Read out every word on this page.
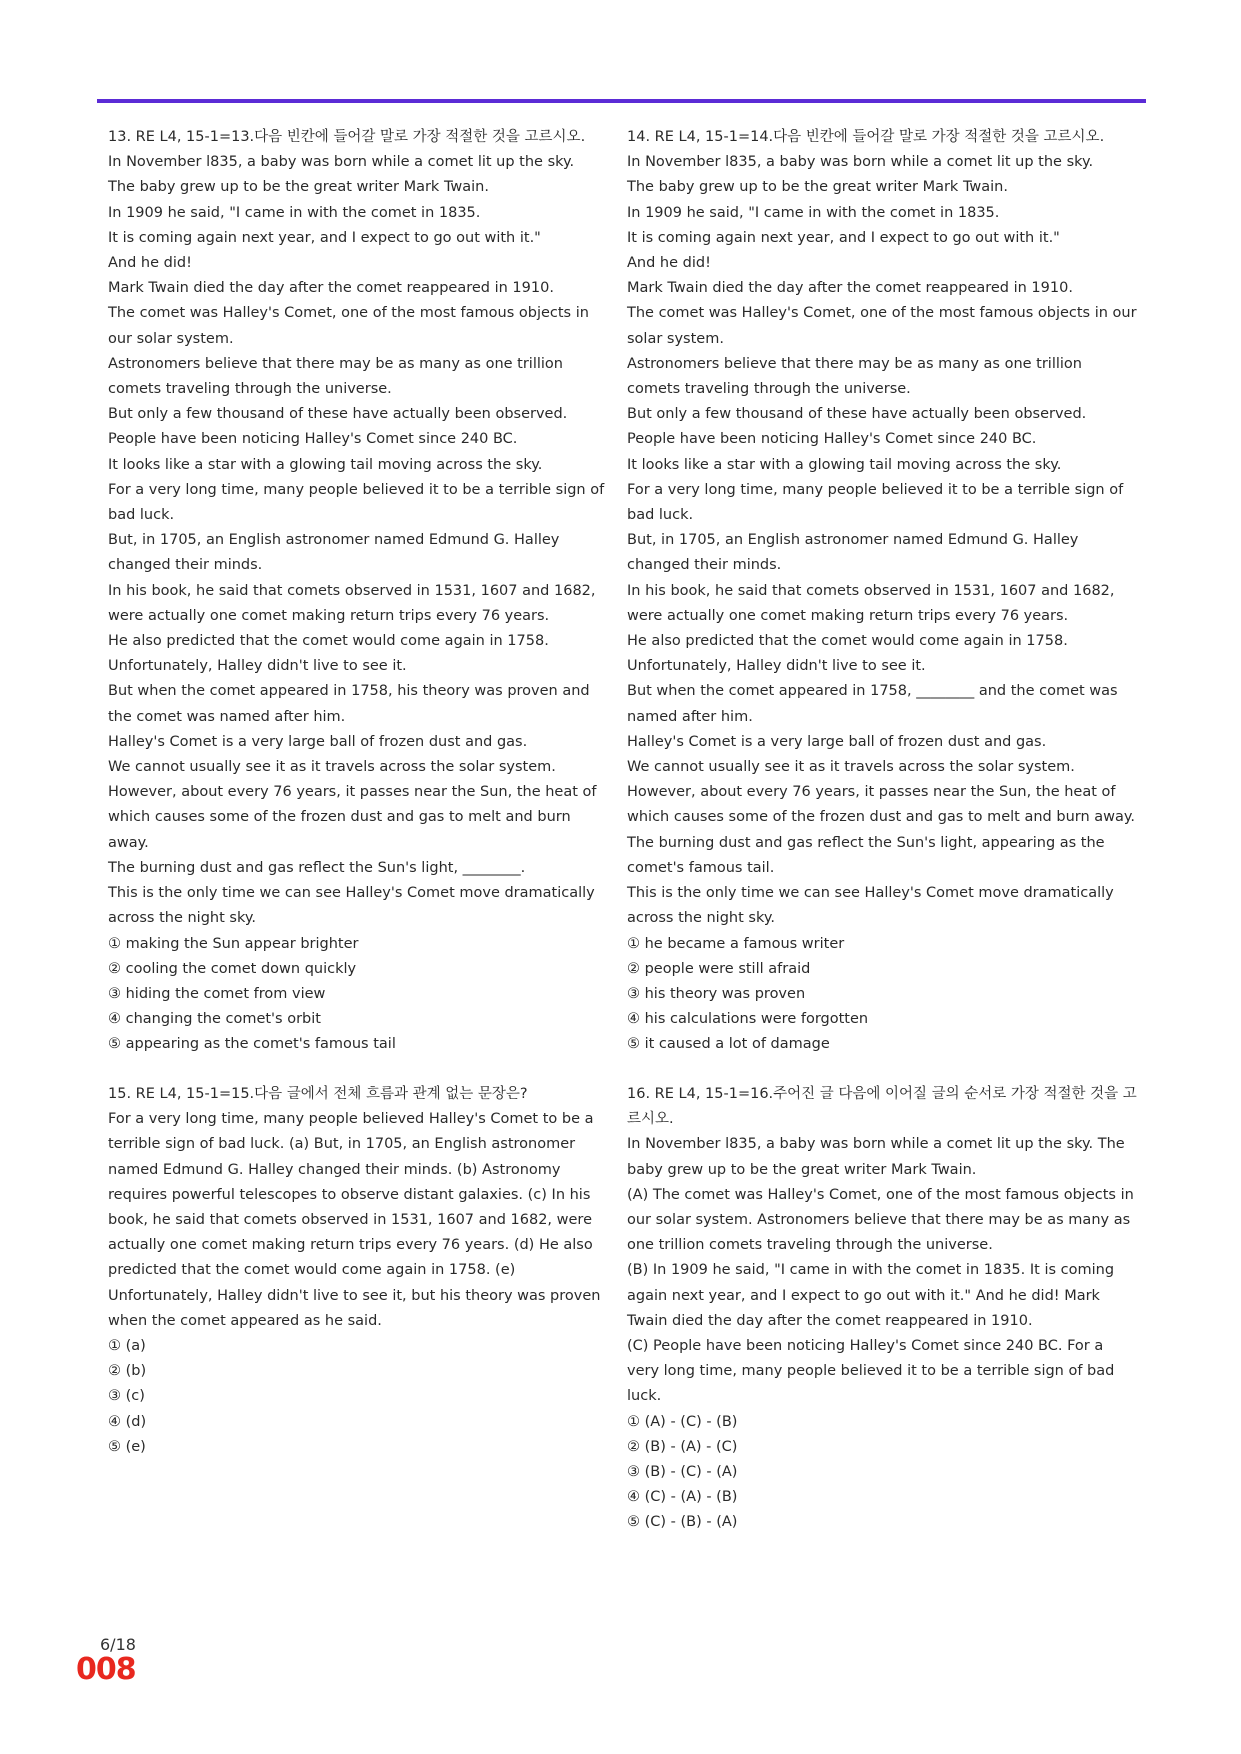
13. RE L4, 15-1=13.다음 빈칸에 들어갈 말로 가장 적절한 것을 고르시오.

In November l835, a baby was born while a comet lit up the sky.

The baby grew up to be the great writer Mark Twain.

In 1909 he said, "I came in with the comet in 1835.

It is coming again next year, and I expect to go out with it."

And he did!

Mark Twain died the day after the comet reappeared in 1910.

The comet was Halley's Comet, one of the most famous objects in our solar system.

Astronomers believe that there may be as many as one trillion comets traveling through the universe.

But only a few thousand of these have actually been observed.

People have been noticing Halley's Comet since 240 BC.

It looks like a star with a glowing tail moving across the sky.

For a very long time, many people believed it to be a terrible sign of bad luck.

But, in 1705, an English astronomer named Edmund G. Halley changed their minds.

In his book, he said that comets observed in 1531, 1607 and 1682, were actually one comet making return trips every 76 years.

He also predicted that the comet would come again in 1758.

Unfortunately, Halley didn't live to see it.

But when the comet appeared in 1758, his theory was proven and the comet was named after him.

Halley's Comet is a very large ball of frozen dust and gas.

We cannot usually see it as it travels across the solar system.

However, about every 76 years, it passes near the Sun, the heat of which causes some of the frozen dust and gas to melt and burn away.

The burning dust and gas reflect the Sun's light, ________.

This is the only time we can see Halley's Comet move dramatically across the night sky.

① making the Sun appear brighter

② cooling the comet down quickly

③ hiding the comet from view

④ changing the comet's orbit

⑤ appearing as the comet's famous tail

14. RE L4, 15-1=14.다음 빈칸에 들어갈 말로 가장 적절한 것을 고르시오.

In November l835, a baby was born while a comet lit up the sky.

The baby grew up to be the great writer Mark Twain.

In 1909 he said, "I came in with the comet in 1835.

It is coming again next year, and I expect to go out with it."

And he did!

Mark Twain died the day after the comet reappeared in 1910.

The comet was Halley's Comet, one of the most famous objects in our solar system.

Astronomers believe that there may be as many as one trillion comets traveling through the universe.

But only a few thousand of these have actually been observed.

People have been noticing Halley's Comet since 240 BC.

It looks like a star with a glowing tail moving across the sky.

For a very long time, many people believed it to be a terrible sign of bad luck.

But, in 1705, an English astronomer named Edmund G. Halley changed their minds.

In his book, he said that comets observed in 1531, 1607 and 1682, were actually one comet making return trips every 76 years.

He also predicted that the comet would come again in 1758.

Unfortunately, Halley didn't live to see it.

But when the comet appeared in 1758, ________ and the comet was named after him.

Halley's Comet is a very large ball of frozen dust and gas.

We cannot usually see it as it travels across the solar system.

However, about every 76 years, it passes near the Sun, the heat of which causes some of the frozen dust and gas to melt and burn away.

The burning dust and gas reflect the Sun's light, appearing as the comet's famous tail.

This is the only time we can see Halley's Comet move dramatically across the night sky.

① he became a famous writer

② people were still afraid

③ his theory was proven

④ his calculations were forgotten

⑤ it caused a lot of damage

15. RE L4, 15-1=15.다음 글에서 전체 흐름과 관계 없는 문장은?

For a very long time, many people believed Halley's Comet to be a terrible sign of bad luck. (a) But, in 1705, an English astronomer named Edmund G. Halley changed their minds. (b) Astronomy requires powerful telescopes to observe distant galaxies. (c) In his book, he said that comets observed in 1531, 1607 and 1682, were actually one comet making return trips every 76 years. (d) He also predicted that the comet would come again in 1758. (e) Unfortunately, Halley didn't live to see it, but his theory was proven when the comet appeared as he said.

① (a)

② (b)

③ (c)

④ (d)

⑤ (e)

16. RE L4, 15-1=16.주어진 글 다음에 이어질 글의 순서로 가장 적절한 것을 고르시오.

In November l835, a baby was born while a comet lit up the sky. The baby grew up to be the great writer Mark Twain.

(A) The comet was Halley's Comet, one of the most famous objects in our solar system. Astronomers believe that there may be as many as one trillion comets traveling through the universe.

(B) In 1909 he said, "I came in with the comet in 1835. It is coming again next year, and I expect to go out with it." And he did! Mark Twain died the day after the comet reappeared in 1910.

(C) People have been noticing Halley's Comet since 240 BC. For a very long time, many people believed it to be a terrible sign of bad luck.

① (A) - (C) - (B)

② (B) - (A) - (C)

③ (B) - (C) - (A)

④ (C) - (A) - (B)

⑤ (C) - (B) - (A)

6/18
008
